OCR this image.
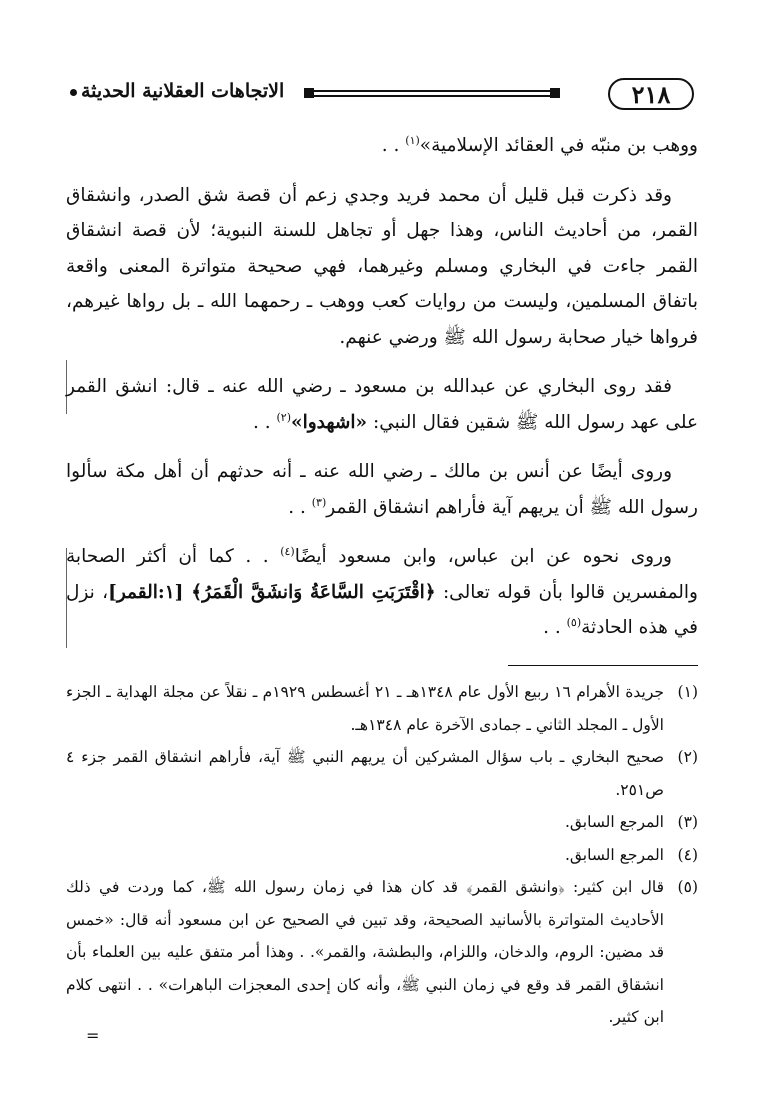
٢١٨
الاتجاهات العقلانية الحديثة

ووهب بن منبّه في العقائد الإسلامية»$^{(١)}$ . .

وقد ذكرت قبل قليل أن محمد فريد وجدي زعم أن قصة شق الصدر، وانشقاق القمر، من أحاديث الناس، وهذا جهل أو تجاهل للسنة النبوية؛ لأن قصة انشقاق القمر جاءت في البخاري ومسلم وغيرهما، فهي صحيحة متواترة المعنى واقعة باتفاق المسلمين، وليست من روايات كعب ووهب ـ رحمهما الله ـ بل رواها غيرهم، فرواها خيار صحابة رسول الله ﷺ ورضي عنهم.

فقد روى البخاري عن عبدالله بن مسعود ـ رضي الله عنه ـ قال: انشق القمر على عهد رسول الله ﷺ شقين فقال النبي: «اشهدوا»$^{(٢)}$ . .

وروى أيضًا عن أنس بن مالك ـ رضي الله عنه ـ أنه حدثهم أن أهل مكة سألوا رسول الله ﷺ أن يريهم آية فأراهم انشقاق القمر$^{(٣)}$ . .

وروى نحوه عن ابن عباس، وابن مسعود أيضًا$^{(٤)}$ . . كما أن أكثر الصحابة والمفسرين قالوا بأن قوله تعالى: ﴿اقْتَرَبَتِ السَّاعَةُ وَانشَقَّ الْقَمَرُ﴾ [١:القمر]، نزل في هذه الحادثة$^{(٥)}$ . .

(١)
جريدة الأهرام ١٦ ربيع الأول عام ١٣٤٨هـ ـ ٢١ أغسطس ١٩٢٩م ـ نقلاً عن مجلة الهداية ـ الجزء الأول ـ المجلد الثاني ـ جمادى الآخرة عام ١٣٤٨هـ.
(٢)
صحيح البخاري ـ باب سؤال المشركين أن يريهم النبي ﷺ آية، فأراهم انشقاق القمر جزء ٤ ص٢٥١.
(٣)
المرجع السابق.
(٤)
المرجع السابق.
(٥)
قال ابن كثير: ﴿وانشق القمر﴾ قد كان هذا في زمان رسول الله ﷺ، كما وردت في ذلك الأحاديث المتواترة بالأسانيد الصحيحة، وقد تبين في الصحيح عن ابن مسعود أنه قال: «خمس قد مضين: الروم، والدخان، واللزام، والبطشة، والقمر». . وهذا أمر متفق عليه بين العلماء بأن انشقاق القمر قد وقع في زمان النبي ﷺ، وأنه كان إحدى المعجزات الباهرات» . . انتهى كلام ابن كثير.
=
